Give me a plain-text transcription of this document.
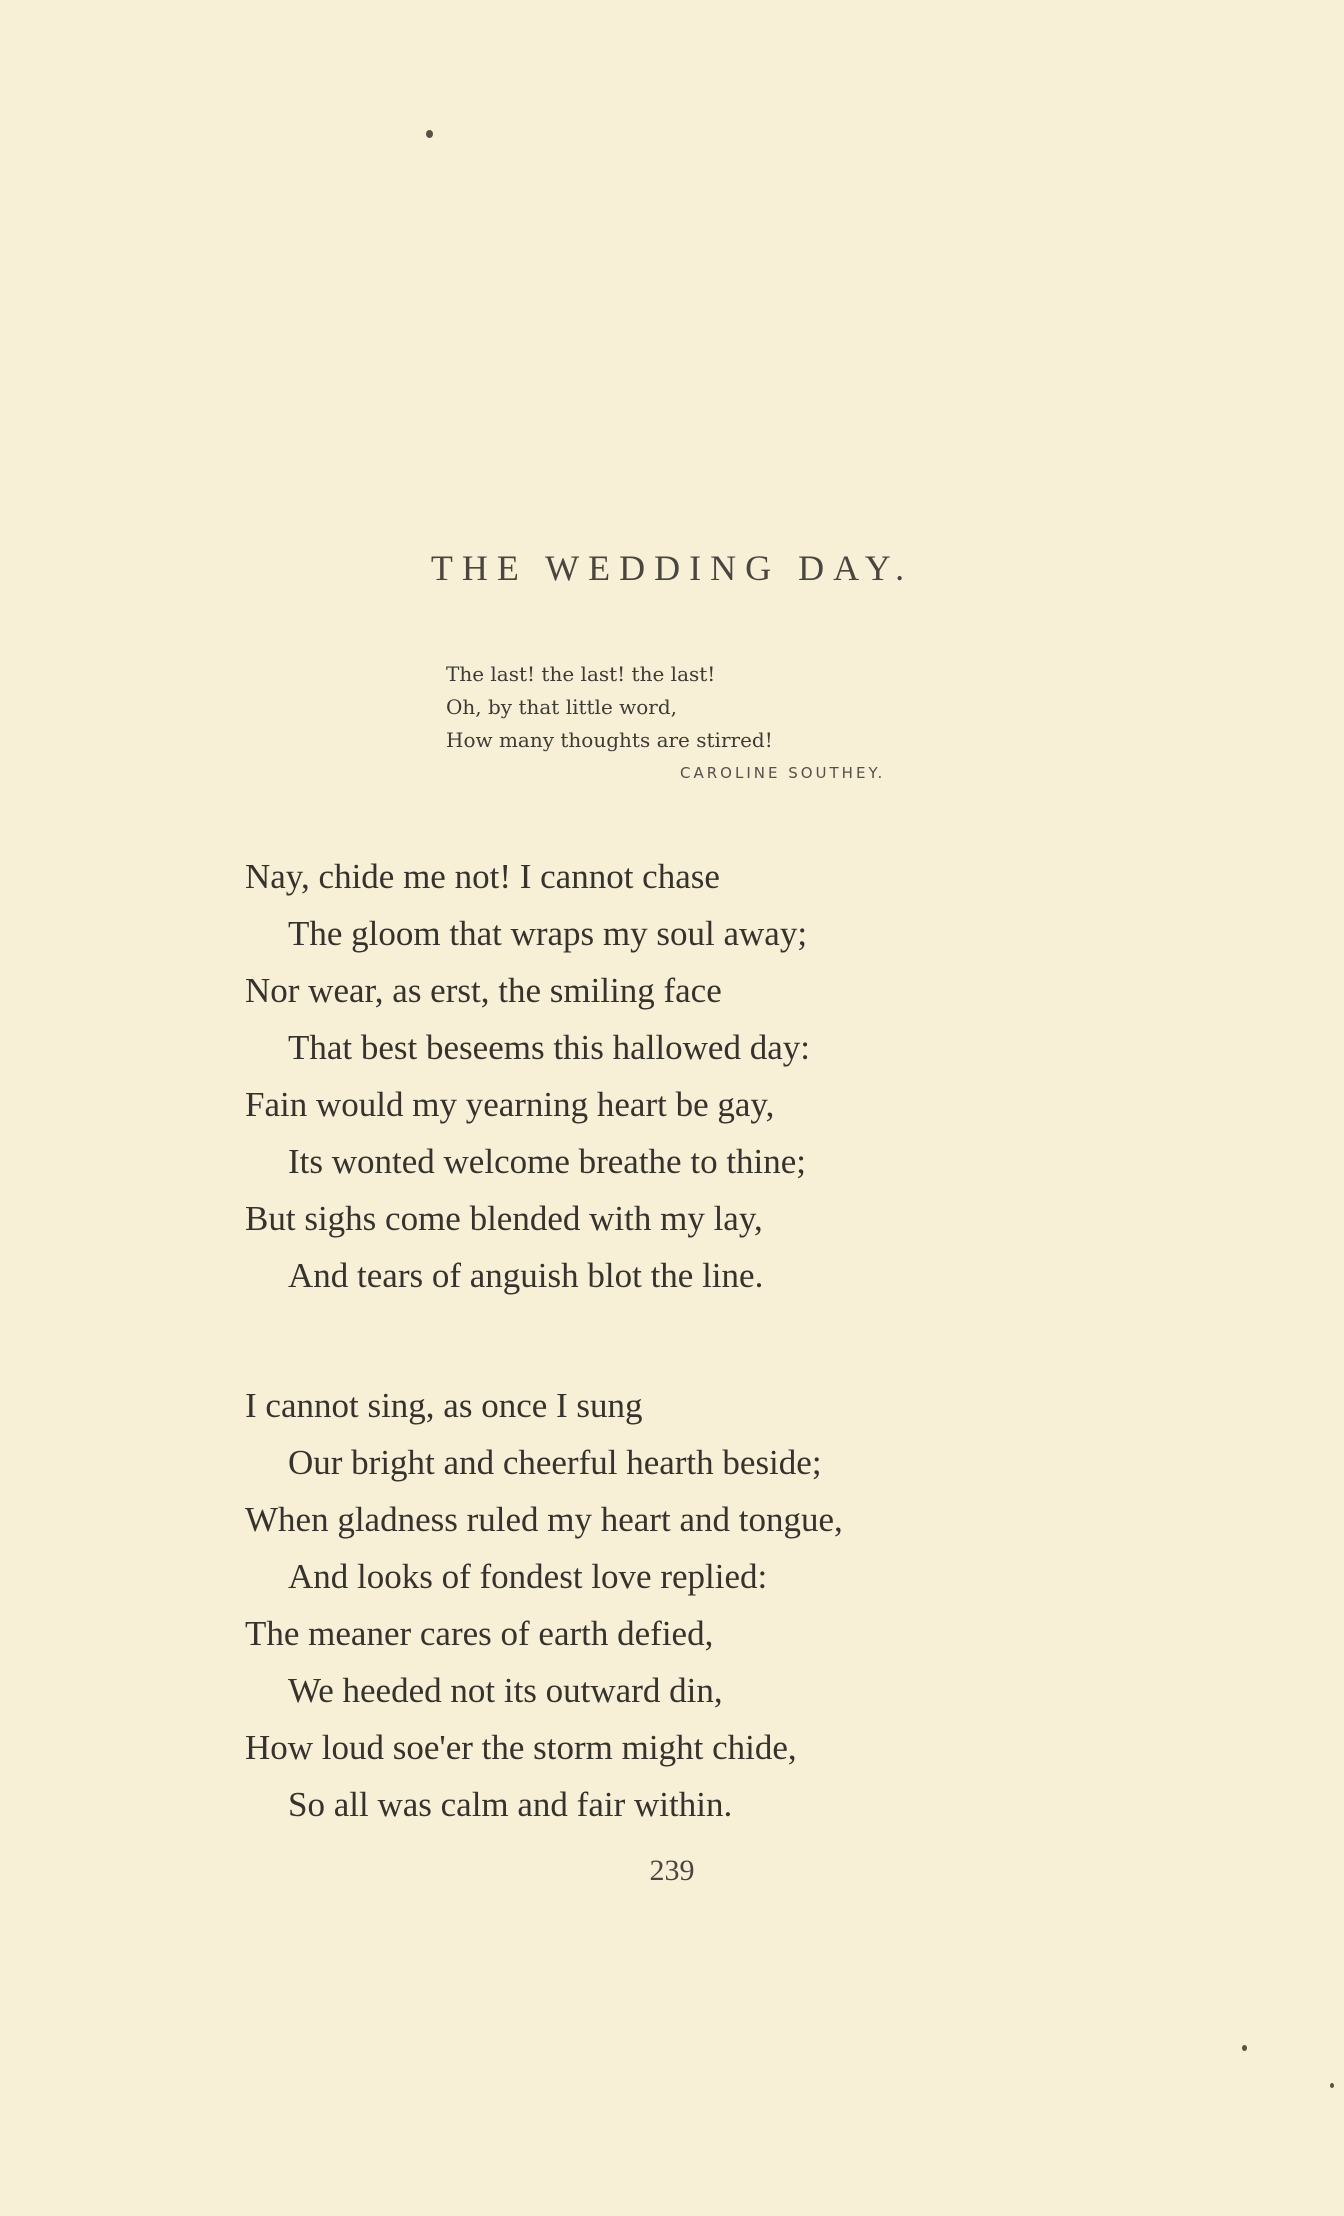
THE WEDDING DAY.
The last! the last! the last!
Oh, by that little word,
How many thoughts are stirred!
CAROLINE SOUTHEY.
Nay, chide me not! I cannot chase
The gloom that wraps my soul away;
Nor wear, as erst, the smiling face
That best beseems this hallowed day:
Fain would my yearning heart be gay,
Its wonted welcome breathe to thine;
But sighs come blended with my lay,
And tears of anguish blot the line.
I cannot sing, as once I sung
Our bright and cheerful hearth beside;
When gladness ruled my heart and tongue,
And looks of fondest love replied:
The meaner cares of earth defied,
We heeded not its outward din,
How loud soe'er the storm might chide,
So all was calm and fair within.
239
